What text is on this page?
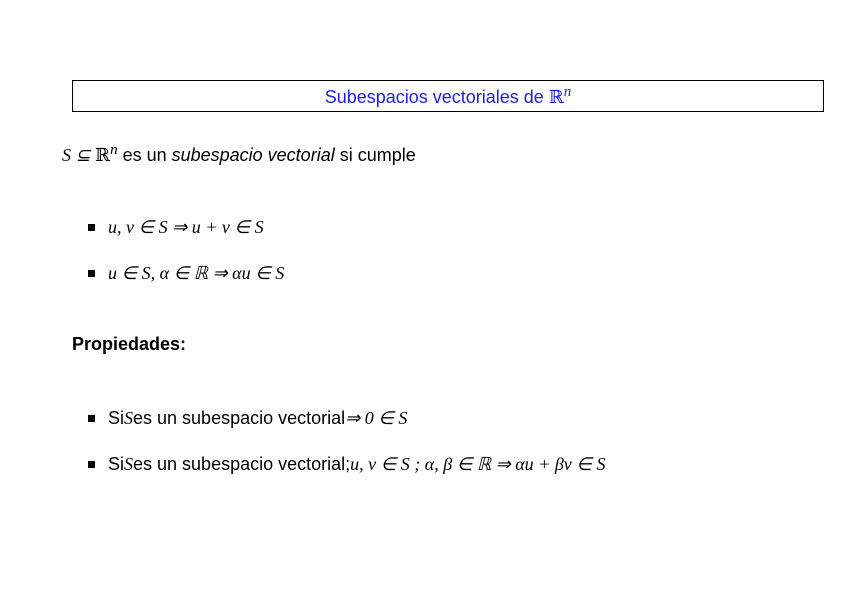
Subespacios vectoriales de ℝ$^n$
S ⊆ ℝ$^n$ es un subespacio vectorial si cumple
u, v ∈ S ⇒ u + v ∈ S
u ∈ S, α ∈ ℝ ⇒ αu ∈ S
Propiedades:
Si S es un subespacio vectorial ⇒ 0 ∈ S
Si S es un subespacio vectorial; u, v ∈ S ; α, β ∈ ℝ ⇒ αu + βv ∈ S
